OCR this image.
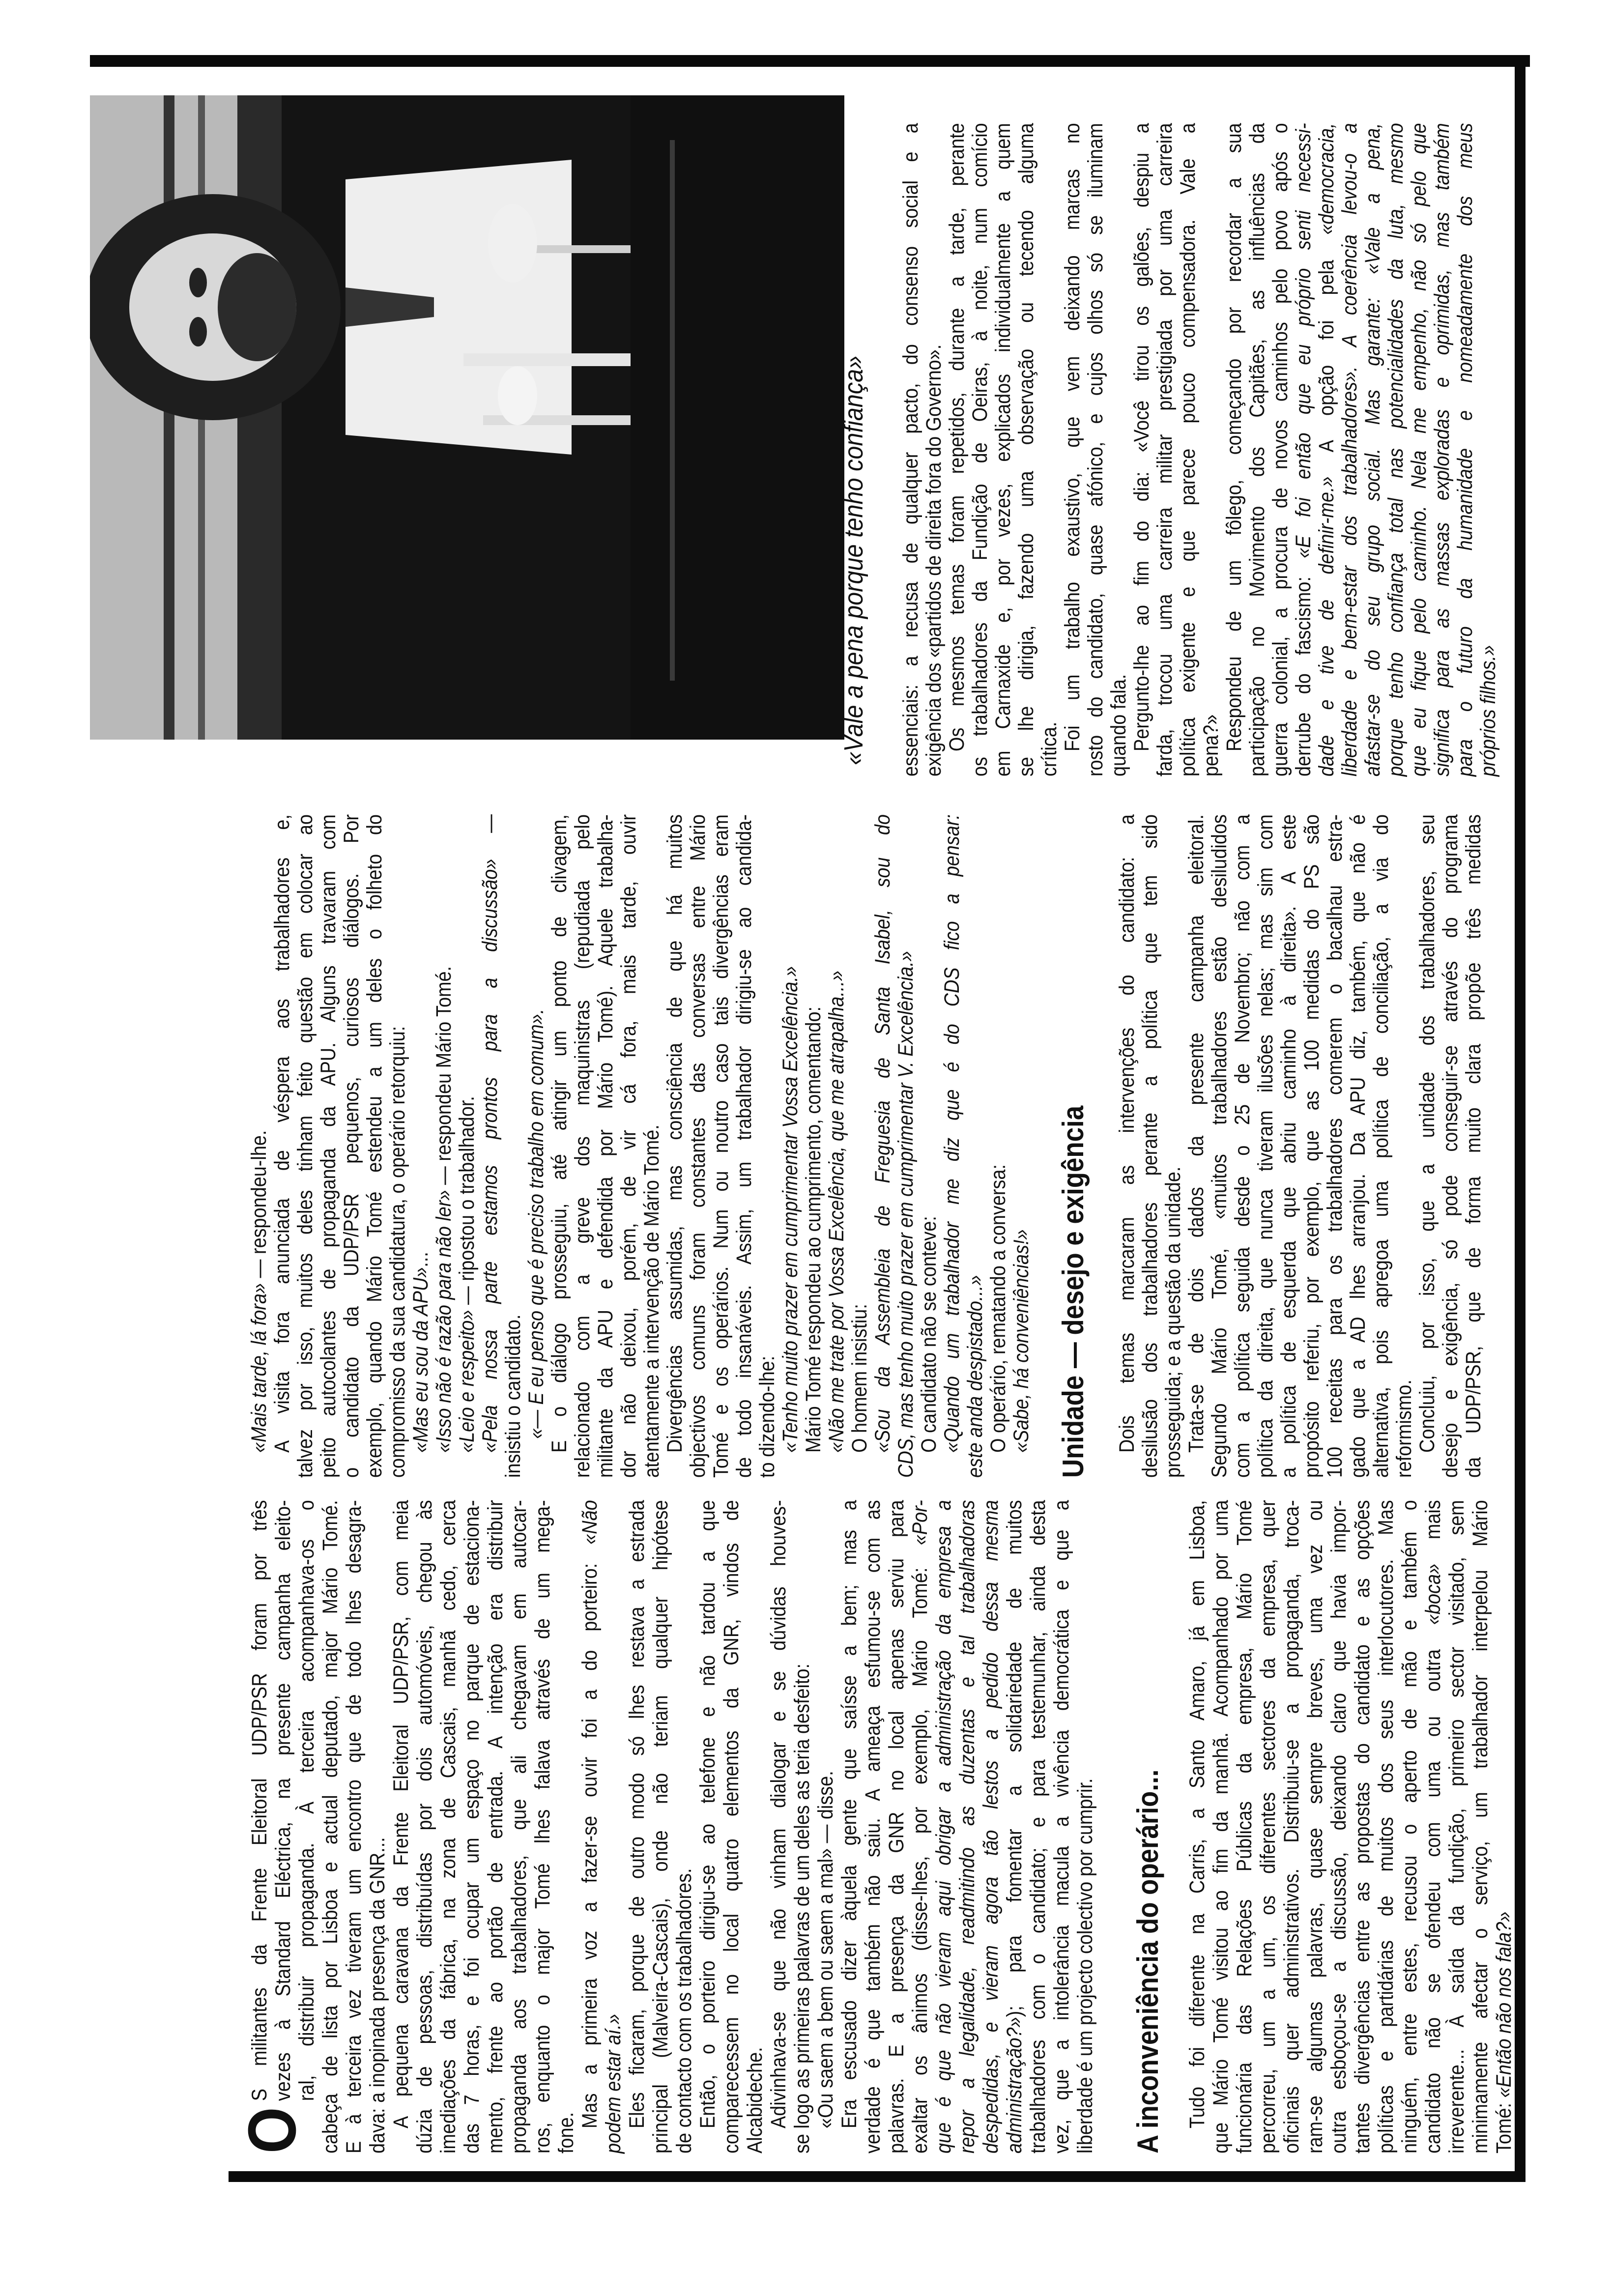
O
S militantes da Frente Eleitoral UDP/PSR foram por três vezes à Standard Eléctrica, na presente campanha eleito- ral, distribuir propaganda. À terceira acompanhava-os o cabeça de lista por Lisboa e actual deputado, major Mário Tomé. E à terceira vez tiveram um encontro que de todo lhes desagra- dava: a inopinada presença da GNR... A pequena caravana da Frente Eleitoral UDP/PSR, com meia dúzia de pessoas, distribuídas por dois automóveis, chegou às imediações da fábrica, na zona de Cascais, manhã cedo, cerca das 7 horas, e foi ocupar um espaço no parque de estaciona- mento, frente ao portão de entrada. A intenção era distribuir propaganda aos trabalhadores, que ali chegavam em autocar- ros, enquanto o major Tomé lhes falava através de um mega- fone.
Mas a primeira voz a fazer-se ouvir foi a do porteiro: «Não
podem estar aí.» Eles ficaram, porque de outro modo só lhes restava a estrada principal (Malveira-Cascais), onde não teriam qualquer hipótese de contacto com os trabalhadores. Então, o porteiro dirigiu-se ao telefone e não tardou a que comparecessem no local quatro elementos da GNR, vindos de Alcabideche. Adivinhava-se que não vinham dialogar e se dúvidas houves- se logo as primeiras palavras de um deles as teria desfeito: «Ou saem a bem ou saem a mal» — disse. Era escusado dizer àquela gente que saísse a bem; mas a verdade é que também não saiu. A ameaça esfumou-se com as palavras. E a presença da GNR no local apenas serviu para exaltar os ânimos (disse-lhes, por exemplo, Mário Tomé: «Por- que é que não vieram aqui obrigar a administração da empresa a repor a legalidade, readmitindo as duzentas e tal trabalhadoras despedidas, e vieram agora tão lestos a pedido dessa mesma administração?»); para fomentar a solidariedade de muitos trabalhadores com o candidato; e para testemunhar, ainda desta vez, que a intolerância macula a vivência democrática e que a liberdade é um projecto colectivo por cumprir. A inconveniência do operário... Tudo foi diferente na Carris, a Santo Amaro, já em Lisboa, que Mário Tomé visitou ao fim da manhã. Acompanhado por uma funcionária das Relações Públicas da empresa, Mário Tomé percorreu, um a um, os diferentes sectores da empresa, quer oficinais quer administrativos. Distribuiu-se a propaganda, troca- ram-se algumas palavras, quase sempre breves, uma vez ou outra esboçou-se a discussão, deixando claro que havia impor- tantes divergências entre as propostas do candidato e as opções políticas e partidárias de muitos dos seus interlocutores. Mas ninguém, entre estes, recusou o aperto de mão e também o candidato não se ofendeu com uma ou outra «boca» mais irreverente... À saída da fundição, primeiro sector visitado, sem minimamente afectar o serviço, um trabalhador interpelou Mário Tomé: «Então não nos fala?»
«Mais tarde, lá fora» — respondeu-lhe. A visita fora anunciada de véspera aos trabalhadores e, talvez por isso, muitos deles tinham feito questão em colocar ao peito autocolantes de propaganda da APU. Alguns travaram com o candidato da UDP/PSR pequenos, curiosos diálogos. Por exemplo, quando Mário Tomé estendeu a um deles o folheto do compromisso da sua candidatura, o operário retorquiu: «Mas eu sou da APU»... «Isso não é razão para não ler» — respondeu Mário Tomé.
«Leio e respeito» — ripostou o trabalhador. «Pela nossa parte estamos prontos para a discussão» —
insistiu o candidato. «— E eu penso que é preciso trabalho em comum». E o diálogo prosseguiu, até atingir um ponto de clivagem, relacionado com a greve dos maquinistras (repudiada pelo militante da APU e defendida por Mário Tomé). Aquele trabalha- dor não deixou, porém, de vir cá fora, mais tarde, ouvir atentamente a intervenção de Mário Tomé. Divergências assumidas, mas consciência de que há muitos objectivos comuns foram constantes das conversas entre Mário Tomé e os operários. Num ou noutro caso tais divergências eram de todo insanáveis. Assim, um trabalhador dirigiu-se ao candida- to dizendo-lhe: «Tenho muito prazer em cumprimentar Vossa Excelência.» Mário Tomé respondeu ao cumprimento, comentando: «Não me trate por Vossa Excelência, que me atrapalha...» O homem insistiu: «Sou da Assembleia de Freguesia de Santa Isabel, sou do CDS, mas tenho muito prazer em cumprimentar V. Excelência.» O candidato não se conteve: «Quando um trabalhador me diz que é do CDS fico a pensar: este anda despistado...» O operário, rematando a conversa: «Sabe, há conveniências!» Unidade — desejo e exigência Dois temas marcaram as intervenções do candidato: a desilusão dos trabalhadores perante a política que tem sido prosseguida; e a questão da unidade. Trata-se de dois dados da presente campanha eleitoral. Segundo Mário Tomé, «muitos trabalhadores estão desiludidos com a política seguida desde o 25 de Novembro; não com a política da direita, que nunca tiveram ilusões nelas; mas sim com a política de esquerda que abriu caminho à direita». A este propósito referiu, por exemplo, que as 100 medidas do PS são 100 receitas para os trabalhadores comerem o bacalhau estra- gado que a AD lhes arranjou. Da APU diz, também, que não é alternativa, pois apregoa uma política de conciliação, a via do reformismo. Concluiu, por isso, que a unidade dos trabalhadores, seu desejo e exigência, só pode conseguir-se através do programa da UDP/PSR, que de forma muito clara propõe três medidas
essenciais: a recusa de qualquer pacto, do consenso social e a exigência dos «partidos de direita fora do Governo». Os mesmos temas foram repetidos, durante a tarde, perante os trabalhadores da Fundição de Oeiras, à noite, num comício em Carnaxide e, por vezes, explicados individualmente a quem se lhe dirigia, fazendo uma observação ou tecendo alguma crítica. Foi um trabalho exaustivo, que vem deixando marcas no rosto do candidato, quase afónico, e cujos olhos só se iluminam quando fala. Pergunto-lhe ao fim do dia: «Você tirou os galões, despiu a farda, trocou uma carreira militar prestigiada por uma carreira política exigente e que parece pouco compensadora. Vale a pena?» Respondeu de um fôlego, começando por recordar a sua participação no Movimento dos Capitães, as influências da guerra colonial, a procura de novos caminhos pelo povo após o derrube do fascismo: «E foi então que eu próprio senti necessi-
dade e tive de definir-me.» A opção foi pela «democracia, liberdade e bem-estar dos trabalhadores». A coerência levou-o a afastar-se do seu grupo social. Mas garante: «Vale a pena, porque tenho confiança total nas potencialidades da luta, mesmo que eu fique pelo caminho. Nela me empenho, não só pelo que significa para as massas exploradas e oprimidas, mas também para o futuro da humanidade e nomeadamente dos meus próprios filhos.»
«Vale a pena porque tenho confiança»
